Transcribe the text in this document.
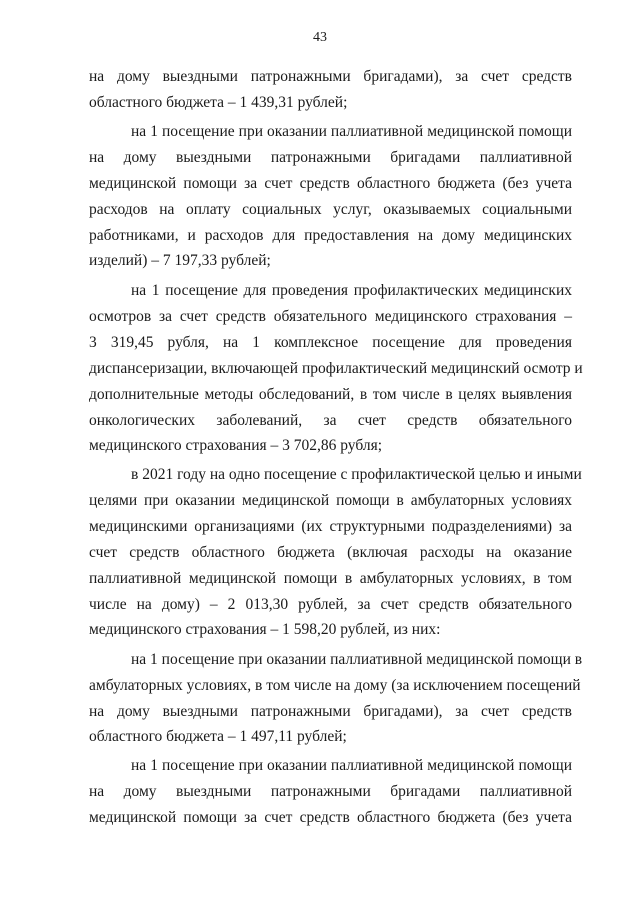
43
на дому выездными патронажными бригадами), за счет средств
областного бюджета – 1 439,31 рублей;
на 1 посещение при оказании паллиативной медицинской помощи
на дому выездными патронажными бригадами паллиативной
медицинской помощи за счет средств областного бюджета (без учета
расходов на оплату социальных услуг, оказываемых социальными
работниками, и расходов для предоставления на дому медицинских
изделий) – 7 197,33 рублей;
на 1 посещение для проведения профилактических медицинских
осмотров за счет средств обязательного медицинского страхования –
3 319,45 рубля, на 1 комплексное посещение для проведения
диспансеризации, включающей профилактический медицинский осмотр и
дополнительные методы обследований, в том числе в целях выявления
онкологических заболеваний, за счет средств обязательного
медицинского страхования – 3 702,86 рубля;
в 2021 году на одно посещение с профилактической целью и иными
целями при оказании медицинской помощи в амбулаторных условиях
медицинскими организациями (их структурными подразделениями) за
счет средств областного бюджета (включая расходы на оказание
паллиативной медицинской помощи в амбулаторных условиях, в том
числе на дому) – 2 013,30 рублей, за счет средств обязательного
медицинского страхования – 1 598,20 рублей, из них:
на 1 посещение при оказании паллиативной медицинской помощи в
амбулаторных условиях, в том числе на дому (за исключением посещений
на дому выездными патронажными бригадами), за счет средств
областного бюджета – 1 497,11 рублей;
на 1 посещение при оказании паллиативной медицинской помощи
на дому выездными патронажными бригадами паллиативной
медицинской помощи за счет средств областного бюджета (без учета
